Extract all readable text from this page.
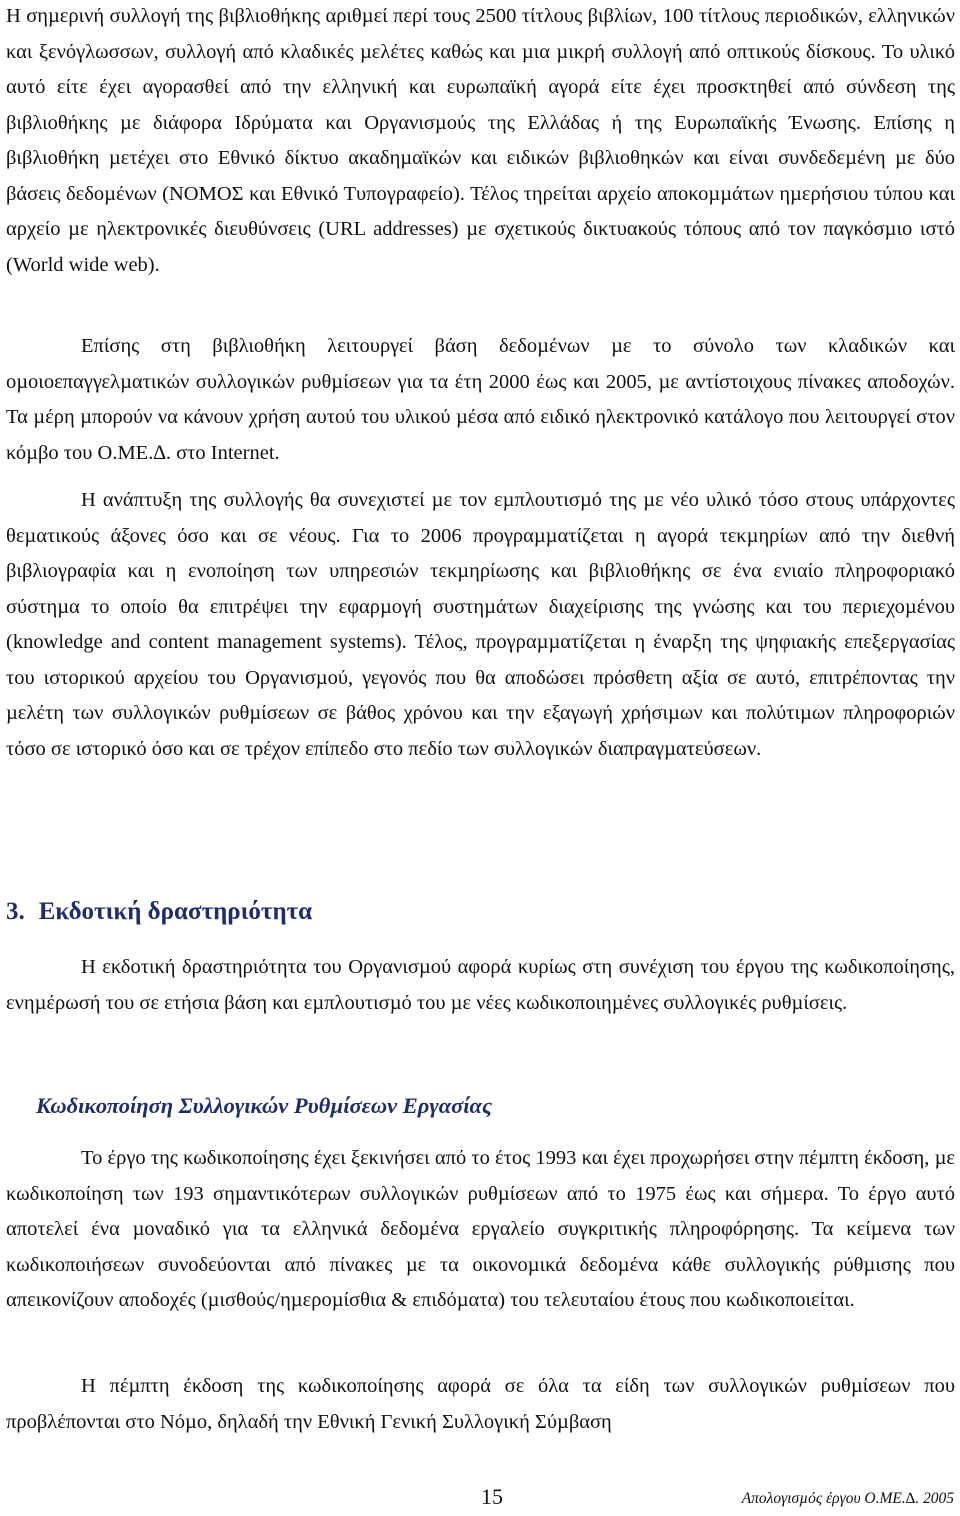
Η σηµερινή συλλογή της βιβλιοθήκης αριθµεί περί τους 2500 τίτλους βιβλίων, 100 τίτλους περιοδικών, ελληνικών και ξενόγλωσσων, συλλογή από κλαδικές µελέτες καθώς και µια µικρή συλλογή από οπτικούς δίσκους. Το υλικό αυτό είτε έχει αγορασθεί από την ελληνική και ευρωπαϊκή αγορά είτε έχει προσκτηθεί από σύνδεση της βιβλιοθήκης µε διάφορα Ιδρύµατα και Οργανισµούς της Ελλάδας ή της Ευρωπαϊκής Ένωσης. Επίσης η βιβλιοθήκη µετέχει στο Εθνικό δίκτυο ακαδηµαϊκών και ειδικών βιβλιοθηκών και είναι συνδεδεµένη µε δύο βάσεις δεδοµένων (ΝΟΜΟΣ και Εθνικό Τυπογραφείο). Τέλος τηρείται αρχείο αποκοµµάτων ηµερήσιου τύπου και αρχείο µε ηλεκτρονικές διευθύνσεις (URL addresses) µε σχετικούς δικτυακούς τόπους από τον παγκόσµιο ιστό (World wide web).

Επίσης στη βιβλιοθήκη λειτουργεί βάση δεδοµένων µε το σύνολο των κλαδικών και οµοιοεπαγγελµατικών συλλογικών ρυθµίσεων για τα έτη 2000 έως και 2005, µε αντίστοιχους πίνακες αποδοχών. Τα µέρη µπορούν να κάνουν χρήση αυτού του υλικού µέσα από ειδικό ηλεκτρονικό κατάλογο που λειτουργεί στον κόµβο του Ο.ΜΕ.∆. στο Internet.

Η ανάπτυξη της συλλογής θα συνεχιστεί µε τον εµπλουτισµό της µε νέο υλικό τόσο στους υπάρχοντες θεµατικούς άξονες όσο και σε νέους. Για το 2006 προγραµµατίζεται η αγορά τεκµηρίων από την διεθνή βιβλιογραφία και η ενοποίηση των υπηρεσιών τεκµηρίωσης και βιβλιοθήκης σε ένα ενιαίο πληροφοριακό σύστηµα το οποίο θα επιτρέψει την εφαρµογή συστηµάτων διαχείρισης της γνώσης και του περιεχοµένου (knowledge and content management systems). Τέλος, προγραµµατίζεται η έναρξη της ψηφιακής επεξεργασίας του ιστορικού αρχείου του Οργανισµού, γεγονός που θα αποδώσει πρόσθετη αξία σε αυτό, επιτρέποντας την µελέτη των συλλογικών ρυθµίσεων σε βάθος χρόνου και την εξαγωγή χρήσιµων και πολύτιµων πληροφοριών τόσο σε ιστορικό όσο και σε τρέχον επίπεδο στο πεδίο των συλλογικών διαπραγµατεύσεων.

3. Εκδοτική δραστηριότητα

Η εκδοτική δραστηριότητα του Οργανισµού αφορά κυρίως στη συνέχιση του έργου της κωδικοποίησης, ενηµέρωσή του σε ετήσια βάση και εµπλουτισµό του µε νέες κωδικοποιηµένες συλλογικές ρυθµίσεις.

Κωδικοποίηση Συλλογικών Ρυθµίσεων Εργασίας

Το έργο της κωδικοποίησης έχει ξεκινήσει από το έτος 1993 και έχει προχωρήσει στην πέµπτη έκδοση, µε κωδικοποίηση των 193 σηµαντικότερων συλλογικών ρυθµίσεων από το 1975 έως και σήµερα. Το έργο αυτό αποτελεί ένα µοναδικό για τα ελληνικά δεδοµένα εργαλείο συγκριτικής πληροφόρησης. Τα κείµενα των κωδικοποιήσεων συνοδεύονται από πίνακες µε τα οικονοµικά δεδοµένα κάθε συλλογικής ρύθµισης που απεικονίζουν αποδοχές (µισθούς/ηµεροµίσθια & επιδόµατα) του τελευταίου έτους που κωδικοποιείται.

Η πέµπτη έκδοση της κωδικοποίησης αφορά σε όλα τα είδη των συλλογικών ρυθµίσεων που προβλέπονται στο Νόµο, δηλαδή την Εθνική Γενική Συλλογική Σύµβαση

15	Απολογισµός έργου Ο.ΜΕ.∆. 2005
